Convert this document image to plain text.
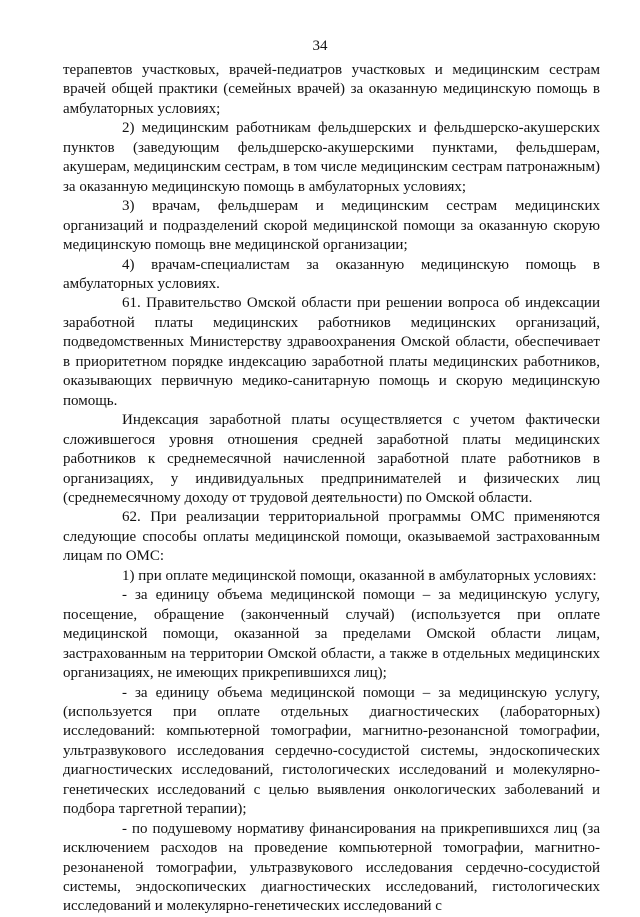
34

терапевтов участковых, врачей-педиатров участковых и медицинским сестрам врачей общей практики (семейных врачей) за оказанную медицинскую помощь в амбулаторных условиях;

2) медицинским работникам фельдшерских и фельдшерско-акушерских пунктов (заведующим фельдшерско-акушерскими пунктами, фельдшерам, акушерам, медицинским сестрам, в том числе медицинским сестрам патронажным) за оказанную медицинскую помощь в амбулаторных условиях;

3) врачам, фельдшерам и медицинским сестрам медицинских организаций и подразделений скорой медицинской помощи за оказанную скорую медицинскую помощь вне медицинской организации;

4) врачам-специалистам за оказанную медицинскую помощь в амбулаторных условиях.

61. Правительство Омской области при решении вопроса об индексации заработной платы медицинских работников медицинских организаций, подведомственных Министерству здравоохранения Омской области, обеспечивает в приоритетном порядке индексацию заработной платы медицинских работников, оказывающих первичную медико-санитарную помощь и скорую медицинскую помощь.

Индексация заработной платы осуществляется с учетом фактически сложившегося уровня отношения средней заработной платы медицинских работников к среднемесячной начисленной заработной плате работников в организациях, у индивидуальных предпринимателей и физических лиц (среднемесячному доходу от трудовой деятельности) по Омской области.

62. При реализации территориальной программы ОМС применяются следующие способы оплаты медицинской помощи, оказываемой застрахованным лицам по ОМС:

1) при оплате медицинской помощи, оказанной в амбулаторных условиях:

- за единицу объема медицинской помощи – за медицинскую услугу, посещение, обращение (законченный случай) (используется при оплате медицинской помощи, оказанной за пределами Омской области лицам, застрахованным на территории Омской области, а также в отдельных медицинских организациях, не имеющих прикрепившихся лиц);

- за единицу объема медицинской помощи – за медицинскую услугу, (используется при оплате отдельных диагностических (лабораторных) исследований: компьютерной томографии, магнитно-резонансной томографии, ультразвукового исследования сердечно-сосудистой системы, эндоскопических диагностических исследований, гистологических исследований и молекулярно-генетических исследований с целью выявления онкологических заболеваний и подбора таргетной терапии);

- по подушевому нормативу финансирования на прикрепившихся лиц (за исключением расходов на проведение компьютерной томографии, магнитно-резонаненой томографии, ультразвукового исследования сердечно-сосудистой системы, эндоскопических диагностических исследований, гистологических исследований и молекулярно-генетических исследований с
